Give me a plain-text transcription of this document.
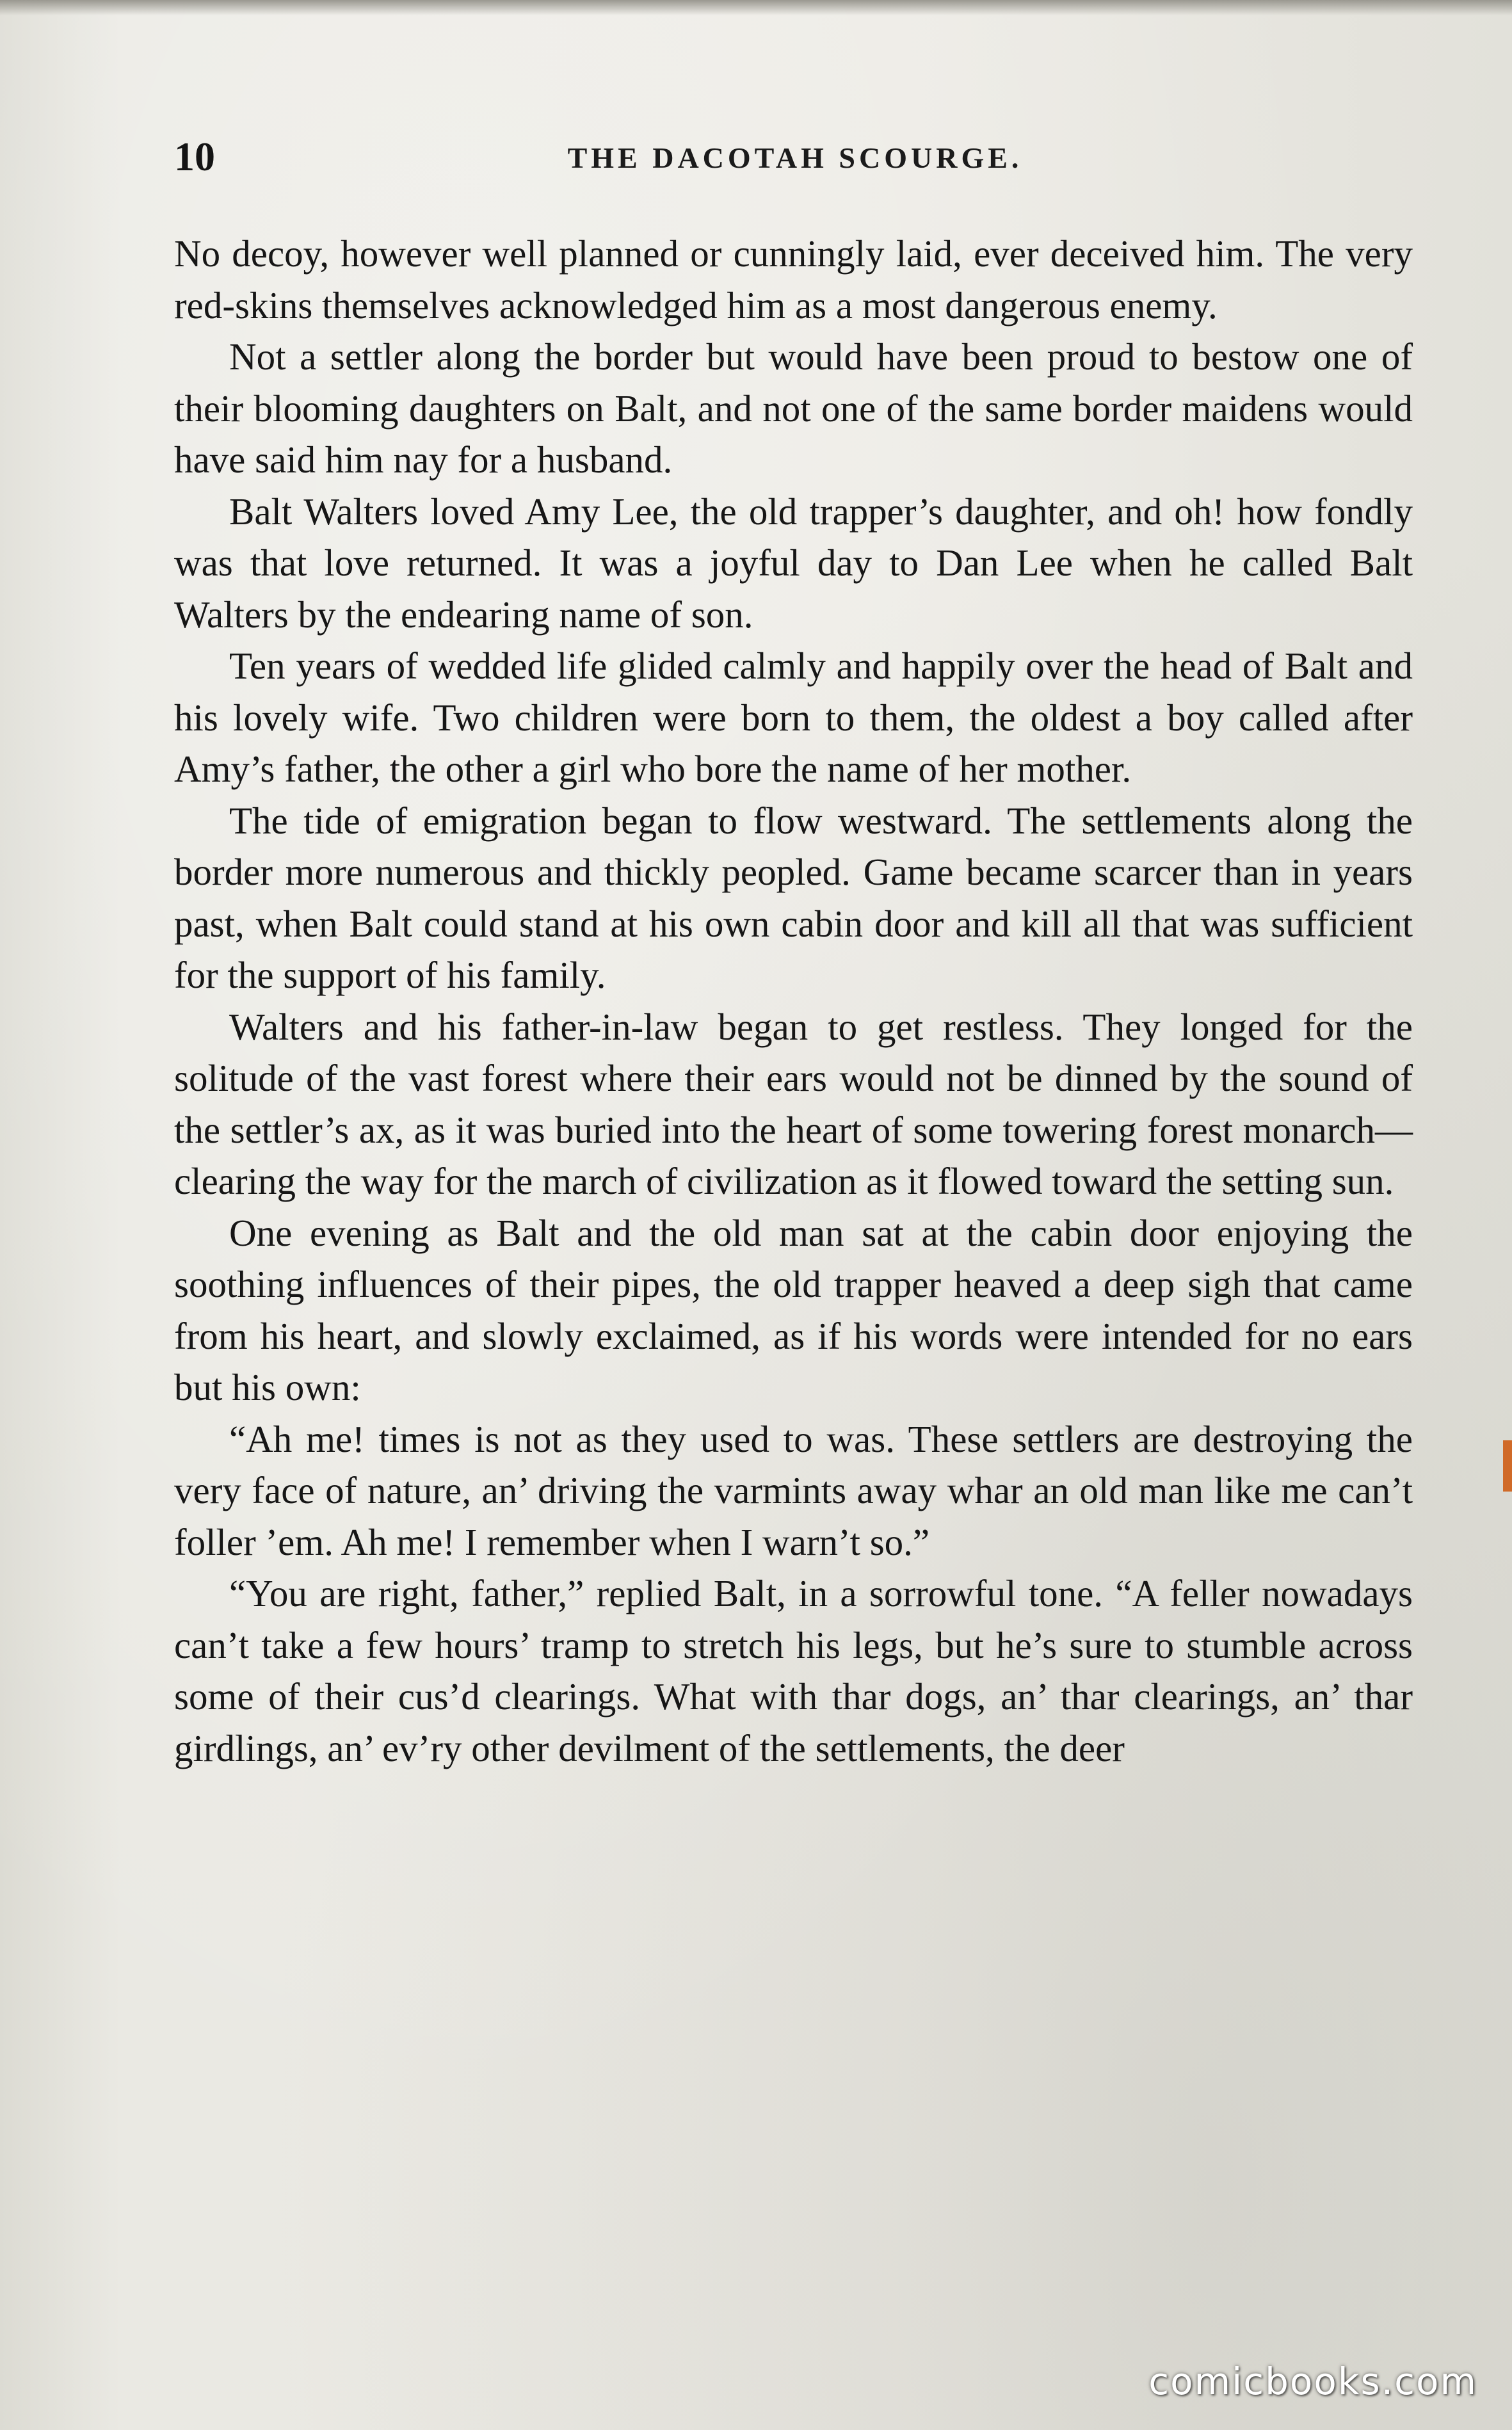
10	THE DACOTAH SCOURGE.

No decoy, however well planned or cunningly laid, ever deceived him. The very red-skins themselves acknowledged him as a most dangerous enemy.

Not a settler along the border but would have been proud to bestow one of their blooming daughters on Balt, and not one of the same border maidens would have said him nay for a husband.

Balt Walters loved Amy Lee, the old trapper’s daughter, and oh! how fondly was that love returned. It was a joyful day to Dan Lee when he called Balt Walters by the endearing name of son.

Ten years of wedded life glided calmly and happily over the head of Balt and his lovely wife. Two children were born to them, the oldest a boy called after Amy’s father, the other a girl who bore the name of her mother.

The tide of emigration began to flow westward. The settlements along the border more numerous and thickly peopled. Game became scarcer than in years past, when Balt could stand at his own cabin door and kill all that was sufficient for the support of his family.

Walters and his father-in-law began to get restless. They longed for the solitude of the vast forest where their ears would not be dinned by the sound of the settler’s ax, as it was buried into the heart of some towering forest monarch—clearing the way for the march of civilization as it flowed toward the setting sun.

One evening as Balt and the old man sat at the cabin door enjoying the soothing influences of their pipes, the old trapper heaved a deep sigh that came from his heart, and slowly exclaimed, as if his words were intended for no ears but his own:

“Ah me! times is not as they used to was. These settlers are destroying the very face of nature, an’ driving the varmints away whar an old man like me can’t foller ’em. Ah me! I remember when I warn’t so.”

“You are right, father,” replied Balt, in a sorrowful tone. “A feller nowadays can’t take a few hours’ tramp to stretch his legs, but he’s sure to stumble across some of their cus’d clearings. What with thar dogs, an’ thar clearings, an’ thar girdlings, an’ ev’ry other devilment of the settlements, the deer

comicbooks.com
